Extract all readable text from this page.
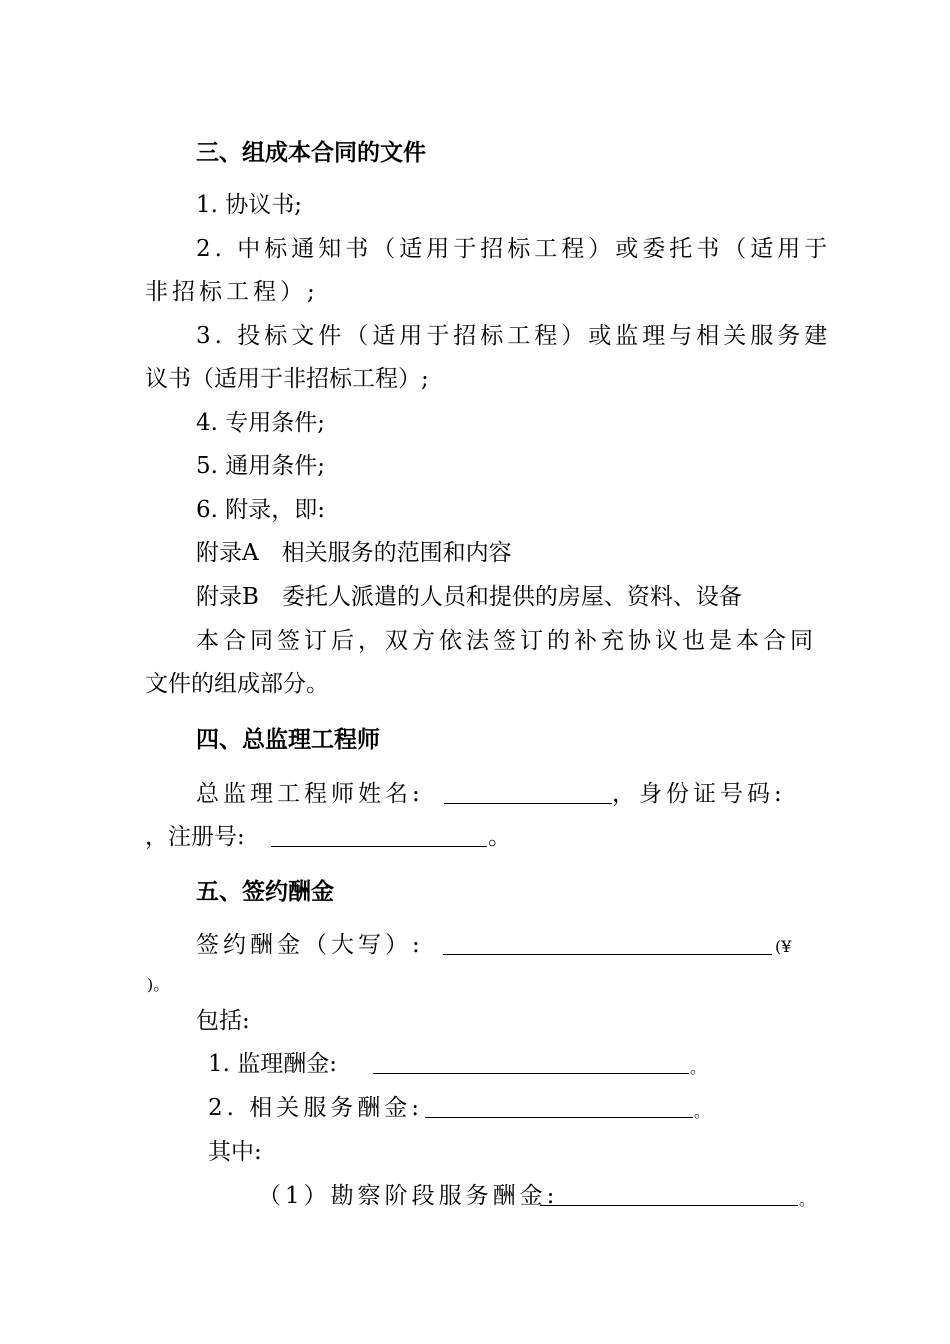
三、组成本合同的文件
1. 协议书;
2. 中标通知书（适用于招标工程）或委托书（适用于
非招标工程）;
3. 投标文件（适用于招标工程）或监理与相关服务建
议书（适用于非招标工程）;
4. 专用条件;
5. 通用条件;
6. 附录，即:
附录A　相关服务的范围和内容
附录B　委托人派遣的人员和提供的房屋、资料、设备
本合同签订后，双方依法签订的补充协议也是本合同
文件的组成部分。
四、总监理工程师
总监理工程师姓名:	，身份证号码:
，注册号:	。
五、签约酬金
签约酬金（大写）:	(¥
)。
包括:
1. 监理酬金:	。
2. 相关服务酬金:	。
其中:
（1）勘察阶段服务酬金:	。
